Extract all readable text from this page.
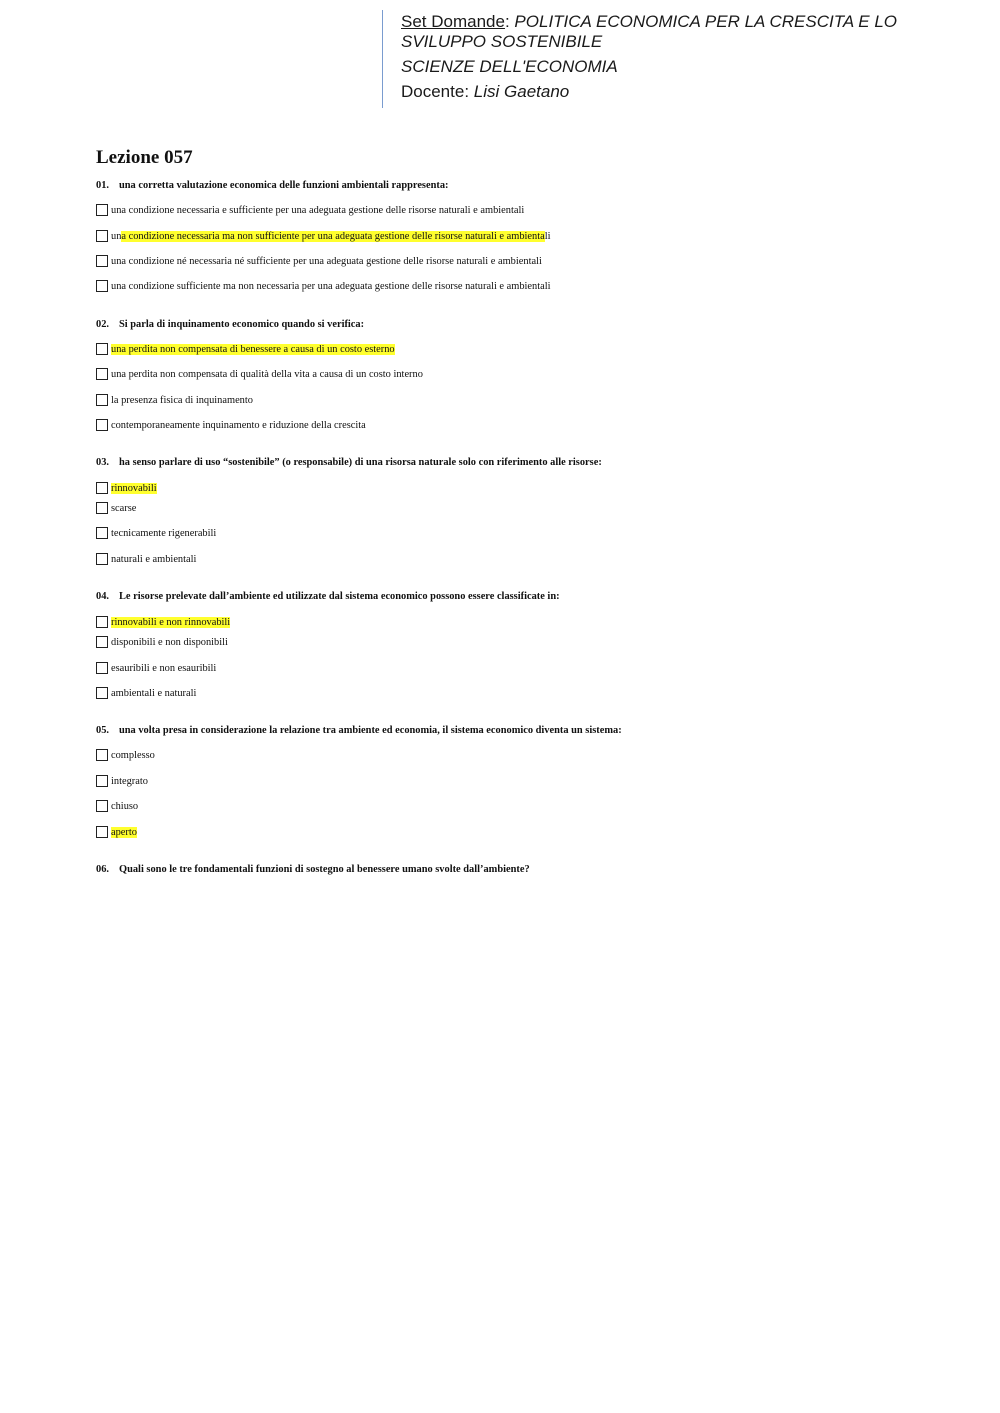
Set Domande: POLITICA ECONOMICA PER LA CRESCITA E LO
SVILUPPO SOSTENIBILE
SCIENZE DELL'ECONOMIA
Docente: Lisi Gaetano
Lezione 057
01. una corretta valutazione economica delle funzioni ambientali rappresenta:
una condizione necessaria e sufficiente per una adeguata gestione delle risorse naturali e ambientali
un a condizione necessaria ma non sufficiente per una adeguata gestione delle risorse naturali e ambienta li
una condizione né necessaria né sufficiente per una adeguata gestione delle risorse naturali e ambientali
una condizione sufficiente ma non necessaria per una adeguata gestione delle risorse naturali e ambientali
02. Si parla di inquinamento economico quando si verifica:
una perdita non compensata di benessere a causa di un costo esterno
una perdita non compensata di qualità della vita a causa di un costo interno
la presenza fisica di inquinamento
contemporaneamente inquinamento e riduzione della crescita
03. ha senso parlare di uso “sostenibile” (o responsabile) di una risorsa naturale solo con riferimento alle risorse:
rinnovabili
scarse
tecnicamente rigenerabili
naturali e ambientali
04. Le risorse prelevate dall’ambiente ed utilizzate dal sistema economico possono essere classificate in:
rinnovabili e non rinnovabili
disponibili e non disponibili
esauribili e non esauribili
ambientali e naturali
05. una volta presa in considerazione la relazione tra ambiente ed economia, il sistema economico diventa un sistema:
complesso
integrato
chiuso
aperto
06. Quali sono le tre fondamentali funzioni di sostegno al benessere umano svolte dall’ambiente?
